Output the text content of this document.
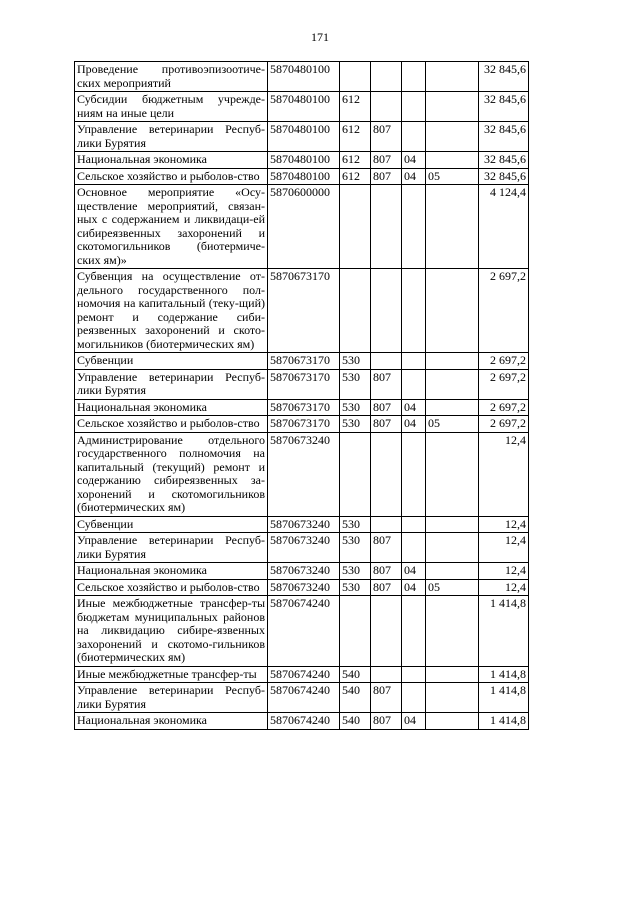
171
Проведение противоэпизоотиче-ских мероприятий	5870480100					32 845,6
Субсидии бюджетным учрежде-ниям на иные цели	5870480100	612				32 845,6
Управление ветеринарии Респуб-лики Бурятия	5870480100	612	807			32 845,6
Национальная экономика	5870480100	612	807	04		32 845,6
Сельское хозяйство и рыболов-ство	5870480100	612	807	04	05	32 845,6
Основное мероприятие «Осу-ществление мероприятий, связан-ных с содержанием и ликвидаци-ей сибиреязвенных захоронений и скотомогильников (биотермиче-ских ям)»	5870600000					4 124,4
Субвенция на осуществление от-дельного государственного пол-номочия на капитальный (теку-щий) ремонт и содержание сиби-реязвенных захоронений и ското-могильников (биотермических ям)	5870673170					2 697,2
Субвенции	5870673170	530				2 697,2
Управление ветеринарии Респуб-лики Бурятия	5870673170	530	807			2 697,2
Национальная экономика	5870673170	530	807	04		2 697,2
Сельское хозяйство и рыболов-ство	5870673170	530	807	04	05	2 697,2
Администрирование отдельного государственного полномочия на капитальный (текущий) ремонт и содержанию сибиреязвенных за-хоронений и скотомогильников (биотермических ям)	5870673240					12,4
Субвенции	5870673240	530				12,4
Управление ветеринарии Респуб-лики Бурятия	5870673240	530	807			12,4
Национальная экономика	5870673240	530	807	04		12,4
Сельское хозяйство и рыболов-ство	5870673240	530	807	04	05	12,4
Иные межбюджетные трансфер-ты бюджетам муниципальных районов на ликвидацию сибире-язвенных захоронений и скотомо-гильников (биотермических ям)	5870674240					1 414,8
Иные межбюджетные трансфер-ты	5870674240	540				1 414,8
Управление ветеринарии Респуб-лики Бурятия	5870674240	540	807			1 414,8
Национальная экономика	5870674240	540	807	04		1 414,8
